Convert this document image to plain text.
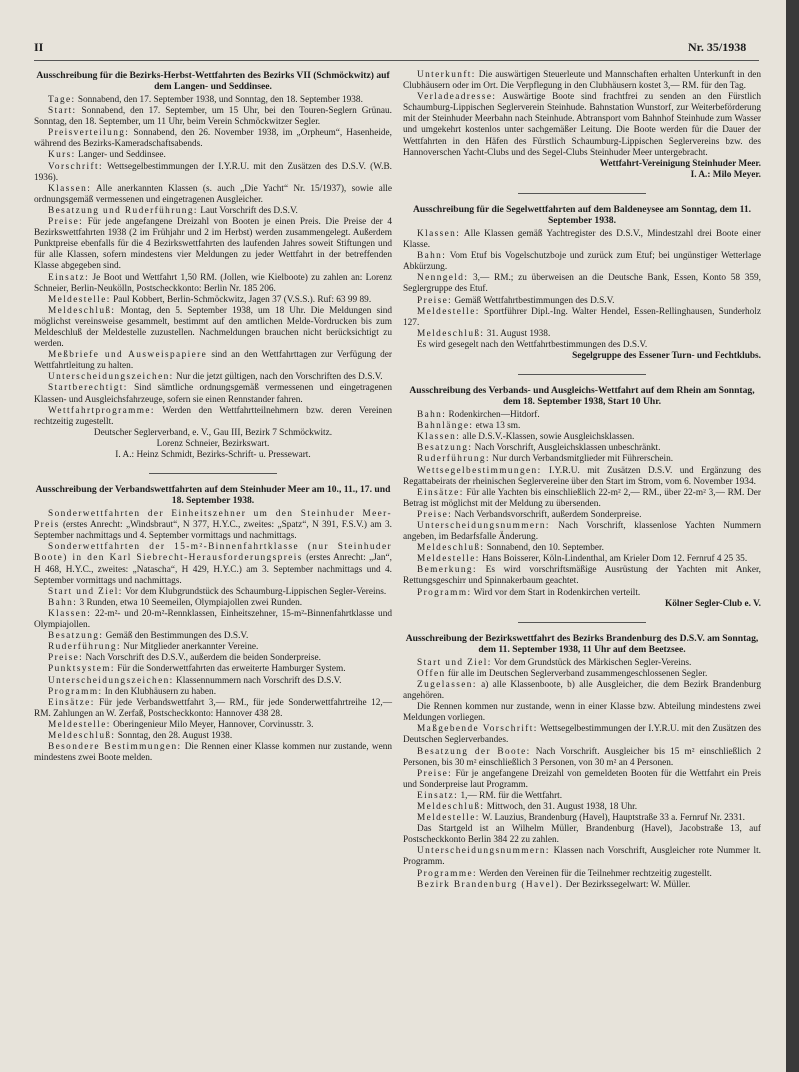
II	Nr. 35/1938
Ausschreibung für die Bezirks-Herbst-Wettfahrten des Bezirks VII (Schmöckwitz) auf dem Langen- und Seddinsee.

Tage: Sonnabend, den 17. September 1938, und Sonntag, den 18. September 1938.

Start: Sonnabend, den 17. September, um 15 Uhr, bei den Touren-Seglern Grünau. Sonntag, den 18. September, um 11 Uhr, beim Verein Schmöckwitzer Segler.

Preisverteilung: Sonnabend, den 26. November 1938, im „Orpheum“, Hasenheide, während des Bezirks-Kameradschaftsabends.

Kurs: Langer- und Seddinsee.

Vorschrift: Wettsegelbestimmungen der I.Y.R.U. mit den Zusätzen des D.S.V. (W.B. 1936).

Klassen: Alle anerkannten Klassen (s. auch „Die Yacht“ Nr. 15/1937), sowie alle ordnungsgemäß vermessenen und eingetragenen Ausgleicher.

Besatzung und Ruderführung: Laut Vorschrift des D.S.V.

Preise: Für jede angefangene Dreizahl von Booten je einen Preis. Die Preise der 4 Bezirkswettfahrten 1938 (2 im Frühjahr und 2 im Herbst) werden zusammengelegt. Außerdem Punktpreise ebenfalls für die 4 Bezirkswettfahrten des laufenden Jahres soweit Stiftungen und für alle Klassen, sofern mindestens vier Meldungen zu jeder Wettfahrt in der betreffenden Klasse abgegeben sind.

Einsatz: Je Boot und Wettfahrt 1,50 RM. (Jollen, wie Kielboote) zu zahlen an: Lorenz Schneier, Berlin-Neukölln, Postscheckkonto: Berlin Nr. 185 206.

Meldestelle: Paul Kobbert, Berlin-Schmöckwitz, Jagen 37 (V.S.S.). Ruf: 63 99 89.

Meldeschluß: Montag, den 5. September 1938, um 18 Uhr. Die Meldungen sind möglichst vereinsweise gesammelt, bestimmt auf den amtlichen Melde-Vordrucken bis zum Meldeschluß der Meldestelle zuzustellen. Nachmeldungen brauchen nicht berücksichtigt zu werden.

Meßbriefe und Ausweispapiere sind an den Wettfahrttagen zur Verfügung der Wettfahrtleitung zu halten.

Unterscheidungszeichen: Nur die jetzt gültigen, nach den Vorschriften des D.S.V.

Startberechtigt: Sind sämtliche ordnungsgemäß vermessenen und eingetragenen Klassen- und Ausgleichsfahrzeuge, sofern sie einen Rennstander fahren.

Wettfahrtprogramme: Werden den Wettfahrtteilnehmern bzw. deren Vereinen rechtzeitig zugestellt.

Deutscher Seglerverband, e. V., Gau III, Bezirk 7 Schmöckwitz.

Lorenz Schneier, Bezirkswart.

I. A.: Heinz Schmidt, Bezirks-Schrift- u. Pressewart.

Ausschreibung der Verbandswettfahrten auf dem Steinhuder Meer am 10., 11., 17. und 18. September 1938.

Sonderwettfahrten der Einheitszehner um den Steinhuder Meer-Preis (erstes Anrecht: „Windsbraut“, N 377, H.Y.C., zweites: „Spatz“, N 391, F.S.V.) am 3. September nachmittags und 4. September vormittags und nachmittags.

Sonderwettfahrten der 15-m²-Binnenfahrtklasse (nur Steinhuder Boote) in den Karl Siebrecht-Herausforderungspreis (erstes Anrecht: „Jan“, H 468, H.Y.C., zweites: „Natascha“, H 429, H.Y.C.) am 3. September nachmittags und 4. September vormittags und nachmittags.

Start und Ziel: Vor dem Klubgrundstück des Schaumburg-Lippischen Segler-Vereins.

Bahn: 3 Runden, etwa 10 Seemeilen, Olympiajollen zwei Runden.

Klassen: 22-m²- und 20-m²-Rennklassen, Einheitszehner, 15-m²-Binnenfahrtklasse und Olympiajollen.

Besatzung: Gemäß den Bestimmungen des D.S.V.

Ruderführung: Nur Mitglieder anerkannter Vereine.

Preise: Nach Vorschrift des D.S.V., außerdem die beiden Sonderpreise.

Punktsystem: Für die Sonderwettfahrten das erweiterte Hamburger System.

Unterscheidungszeichen: Klassennummern nach Vorschrift des D.S.V.

Programm: In den Klubhäusern zu haben.

Einsätze: Für jede Verbandswettfahrt 3,— RM., für jede Sonderwettfahrtreihe 12,— RM. Zahlungen an W. Zerfaß, Postscheckkonto: Hannover 438 28.

Meldestelle: Oberingenieur Milo Meyer, Hannover, Corvinusstr. 3.

Meldeschluß: Sonntag, den 28. August 1938.

Besondere Bestimmungen: Die Rennen einer Klasse kommen nur zustande, wenn mindestens zwei Boote melden.

Unterkunft: Die auswärtigen Steuerleute und Mannschaften erhalten Unterkunft in den Clubhäusern oder im Ort. Die Verpflegung in den Clubhäusern kostet 3,— RM. für den Tag.

Verladeadresse: Auswärtige Boote sind frachtfrei zu senden an den Fürstlich Schaumburg-Lippischen Seglerverein Steinhude. Bahnstation Wunstorf, zur Weiterbeförderung mit der Steinhuder Meerbahn nach Steinhude. Abtransport vom Bahnhof Steinhude zum Wasser und umgekehrt kostenlos unter sachgemäßer Leitung. Die Boote werden für die Dauer der Wettfahrten in den Häfen des Fürstlich Schaumburg-Lippischen Seglervereins bzw. des Hannoverschen Yacht-Clubs und des Segel-Clubs Steinhuder Meer untergebracht.

Wettfahrt-Vereinigung Steinhuder Meer.

I. A.: Milo Meyer.

Ausschreibung für die Segelwettfahrten auf dem Baldeneysee am Sonntag, dem 11. September 1938.

Klassen: Alle Klassen gemäß Yachtregister des D.S.V., Mindestzahl drei Boote einer Klasse.

Bahn: Vom Etuf bis Vogelschutzboje und zurück zum Etuf; bei ungünstiger Wetterlage Abkürzung.

Nenngeld: 3,— RM.; zu überweisen an die Deutsche Bank, Essen, Konto 58 359, Seglergruppe des Etuf.

Preise: Gemäß Wettfahrtbestimmungen des D.S.V.

Meldestelle: Sportführer Dipl.-Ing. Walter Hendel, Essen-Rellinghausen, Sunderholz 127.

Meldeschluß: 31. August 1938.

Es wird gesegelt nach den Wettfahrtbestimmungen des D.S.V.

Segelgruppe des Essener Turn- und Fechtklubs.

Ausschreibung des Verbands- und Ausgleichs-Wettfahrt auf dem Rhein am Sonntag, dem 18. September 1938, Start 10 Uhr.

Bahn: Rodenkirchen—Hitdorf.

Bahnlänge: etwa 13 sm.

Klassen: alle D.S.V.-Klassen, sowie Ausgleichsklassen.

Besatzung: Nach Vorschrift, Ausgleichsklassen unbeschränkt.

Ruderführung: Nur durch Verbandsmitglieder mit Führerschein.

Wettsegelbestimmungen: I.Y.R.U. mit Zusätzen D.S.V. und Ergänzung des Regattabeirats der rheinischen Seglervereine über den Start im Strom, vom 6. November 1934.

Einsätze: Für alle Yachten bis einschließlich 22-m² 2,— RM., über 22-m² 3,— RM. Der Betrag ist möglichst mit der Meldung zu übersenden.

Preise: Nach Verbandsvorschrift, außerdem Sonderpreise.

Unterscheidungsnummern: Nach Vorschrift, klassenlose Yachten Nummern angeben, im Bedarfsfalle Änderung.

Meldeschluß: Sonnabend, den 10. September.

Meldestelle: Hans Boisserer, Köln-Lindenthal, am Krieler Dom 12. Fernruf 4 25 35.

Bemerkung: Es wird vorschriftsmäßige Ausrüstung der Yachten mit Anker, Rettungsgeschirr und Spinnakerbaum geachtet.

Programm: Wird vor dem Start in Rodenkirchen verteilt.

Kölner Segler-Club e. V.

Ausschreibung der Bezirkswettfahrt des Bezirks Brandenburg des D.S.V. am Sonntag, dem 11. September 1938, 11 Uhr auf dem Beetzsee.

Start und Ziel: Vor dem Grundstück des Märkischen Segler-Vereins.

Offen für alle im Deutschen Seglerverband zusammengeschlossenen Segler.

Zugelassen: a) alle Klassenboote, b) alle Ausgleicher, die dem Bezirk Brandenburg angehören.

Die Rennen kommen nur zustande, wenn in einer Klasse bzw. Abteilung mindestens zwei Meldungen vorliegen.

Maßgebende Vorschrift: Wettsegelbestimmungen der I.Y.R.U. mit den Zusätzen des Deutschen Seglerverbandes.

Besatzung der Boote: Nach Vorschrift. Ausgleicher bis 15 m² einschließlich 2 Personen, bis 30 m² einschließlich 3 Personen, von 30 m² an 4 Personen.

Preise: Für je angefangene Dreizahl von gemeldeten Booten für die Wettfahrt ein Preis und Sonderpreise laut Programm.

Einsatz: 1,— RM. für die Wettfahrt.

Meldeschluß: Mittwoch, den 31. August 1938, 18 Uhr.

Meldestelle: W. Lauzius, Brandenburg (Havel), Hauptstraße 33 a. Fernruf Nr. 2331.

Das Startgeld ist an Wilhelm Müller, Brandenburg (Havel), Jacobstraße 13, auf Postscheckkonto Berlin 384 22 zu zahlen.

Unterscheidungsnummern: Klassen nach Vorschrift, Ausgleicher rote Nummer lt. Programm.

Programme: Werden den Vereinen für die Teilnehmer rechtzeitig zugestellt.

Bezirk Brandenburg (Havel). Der Bezirkssegelwart: W. Müller.
